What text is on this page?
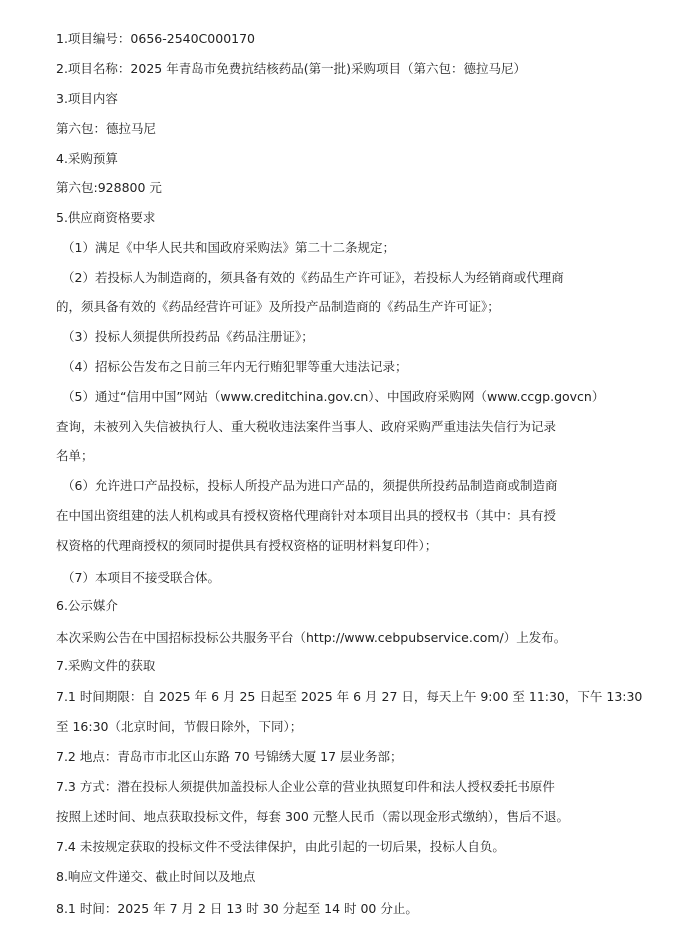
1.项目编号：0656-2540C000170
2.项目名称：2025 年青岛市免费抗结核药品(第一批)采购项目（第六包：德拉马尼）
3.项目内容
第六包：德拉马尼
4.采购预算
第六包:928800 元
5.供应商资格要求
（1）满足《中华人民共和国政府采购法》第二十二条规定；
（2）若投标人为制造商的，须具备有效的《药品生产许可证》，若投标人为经销商或代理商
的，须具备有效的《药品经营许可证》及所投产品制造商的《药品生产许可证》；
（3）投标人须提供所投药品《药品注册证》；
（4）招标公告发布之日前三年内无行贿犯罪等重大违法记录；
（5）通过“信用中国”网站（www.creditchina.gov.cn）、中国政府采购网（www.ccgp.govcn）
查询，未被列入失信被执行人、重大税收违法案件当事人、政府采购严重违法失信行为记录
名单；
（6）允许进口产品投标，投标人所投产品为进口产品的，须提供所投药品制造商或制造商
在中国出资组建的法人机构或具有授权资格代理商针对本项目出具的授权书（其中：具有授
权资格的代理商授权的须同时提供具有授权资格的证明材料复印件）；
（7）本项目不接受联合体。
6.公示媒介
本次采购公告在中国招标投标公共服务平台（http://www.cebpubservice.com/）上发布。
7.采购文件的获取
7.1 时间期限：自 2025 年 6 月 25 日起至 2025 年 6 月 27 日，每天上午 9:00 至 11:30，下午 13:30
至 16:30（北京时间，节假日除外，下同）；
7.2 地点：青岛市市北区山东路 70 号锦绣大厦 17 层业务部；
7.3 方式：潜在投标人须提供加盖投标人企业公章的营业执照复印件和法人授权委托书原件
按照上述时间、地点获取投标文件，每套 300 元整人民币（需以现金形式缴纳），售后不退。
7.4 未按规定获取的投标文件不受法律保护，由此引起的一切后果，投标人自负。
8.响应文件递交、截止时间以及地点
8.1 时间：2025 年 7 月 2 日 13 时 30 分起至 14 时 00 分止。
